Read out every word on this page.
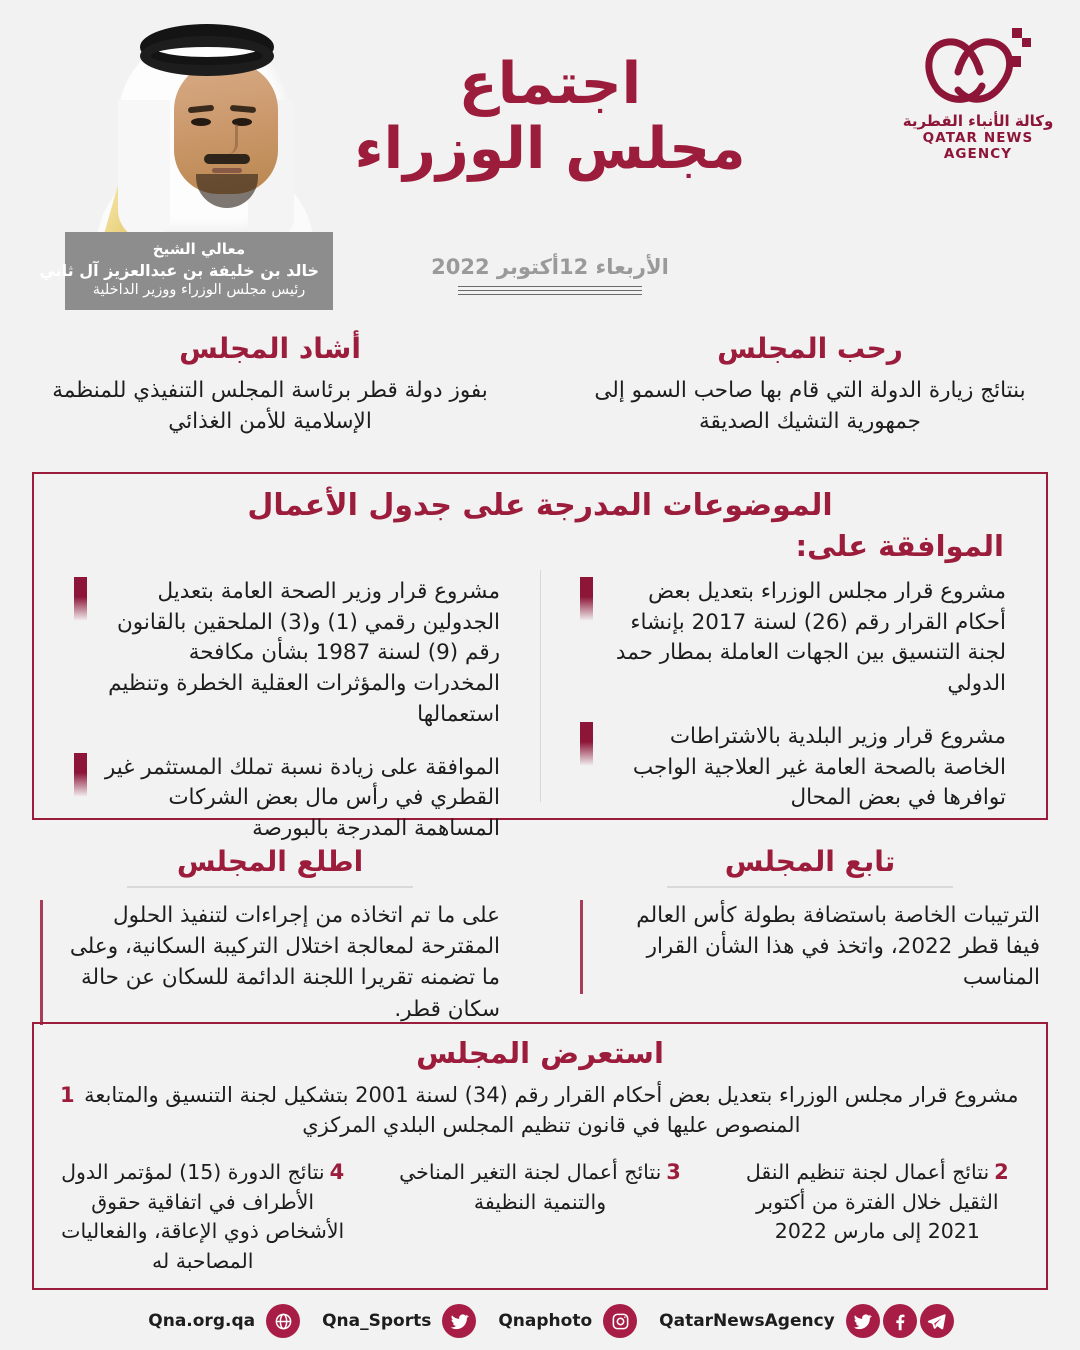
معالي الشيخ
خالد بن خليفة بن عبدالعزيز آل ثاني
رئيس مجلس الوزراء ووزير الداخلية
وكالة الأنباء القطرية
QATAR NEWS AGENCY
اجتماع
مجلس الوزراء
الأربعاء 12أكتوبر 2022
رحب المجلس
بنتائج زيارة الدولة التي قام بها صاحب السمو إلى جمهورية التشيك الصديقة
أشاد المجلس
بفوز دولة قطر برئاسة المجلس التنفيذي للمنظمة الإسلامية للأمن الغذائي
الموضوعات المدرجة على جدول الأعمال
الموافقة على:
مشروع قرار مجلس الوزراء بتعديل بعض أحكام القرار رقم (26) لسنة 2017 بإنشاء لجنة التنسيق بين الجهات العاملة بمطار حمد الدولي
مشروع قرار وزير البلدية بالاشتراطات الخاصة بالصحة العامة غير العلاجية الواجب توافرها في بعض المحال
مشروع قرار وزير الصحة العامة بتعديل الجدولين رقمي (1) و(3) الملحقين بالقانون رقم (9) لسنة 1987 بشأن مكافحة المخدرات والمؤثرات العقلية الخطرة وتنظيم استعمالها
الموافقة على زيادة نسبة تملك المستثمر غير القطري في رأس مال بعض الشركات المساهمة المدرجة بالبورصة
تابع المجلس
الترتيبات الخاصة باستضافة بطولة كأس العالم فيفا قطر 2022، واتخذ في هذا الشأن القرار المناسب
اطلع المجلس
على ما تم اتخاذه من إجراءات لتنفيذ الحلول المقترحة لمعالجة اختلال التركيبة السكانية، وعلى ما تضمنه تقريرا اللجنة الدائمة للسكان عن حالة سكان قطر.
استعرض المجلس
مشروع قرار مجلس الوزراء بتعديل بعض أحكام القرار رقم (34) لسنة 2001 بتشكيل لجنة التنسيق والمتابعة المنصوص عليها في قانون تنظيم المجلس البلدي المركزي
1
2نتائج أعمال لجنة تنظيم النقل الثقيل خلال الفترة من أكتوبر 2021 إلى مارس 2022
3نتائج أعمال لجنة التغير المناخي والتنمية النظيفة
4نتائج الدورة (15) لمؤتمر الدول الأطراف في اتفاقية حقوق الأشخاص ذوي الإعاقة، والفعاليات المصاحبة له
QatarNewsAgency
Qnaphoto
Qna_Sports
Qna.org.qa
